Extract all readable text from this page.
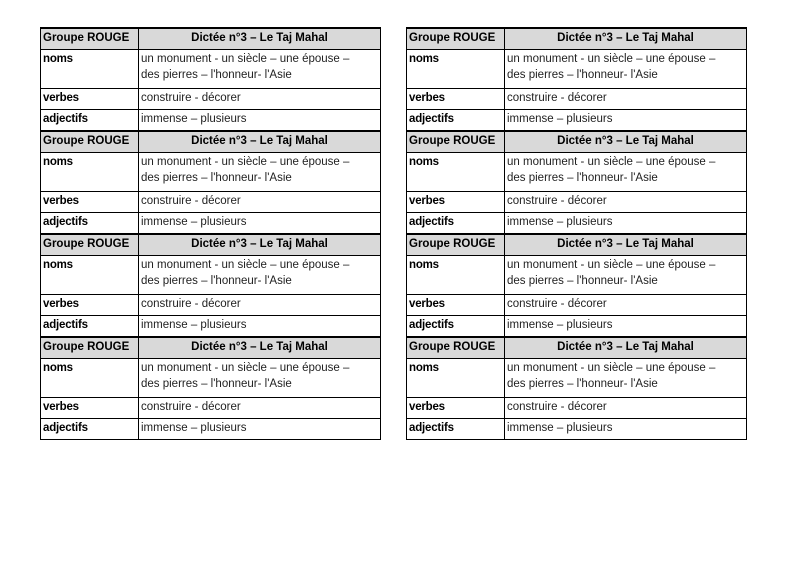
Groupe ROUGE	Dictée n°3 – Le Taj Mahal
noms	un monument - un siècle – une épouse –
des pierres – l'honneur- l'Asie
verbes	construire - décorer
adjectifs	immense – plusieurs
Groupe ROUGE	Dictée n°3 – Le Taj Mahal
noms	un monument - un siècle – une épouse –
des pierres – l'honneur- l'Asie
verbes	construire - décorer
adjectifs	immense – plusieurs
Groupe ROUGE	Dictée n°3 – Le Taj Mahal
noms	un monument - un siècle – une épouse –
des pierres – l'honneur- l'Asie
verbes	construire - décorer
adjectifs	immense – plusieurs
Groupe ROUGE	Dictée n°3 – Le Taj Mahal
noms	un monument - un siècle – une épouse –
des pierres – l'honneur- l'Asie
verbes	construire - décorer
adjectifs	immense – plusieurs
Groupe ROUGE	Dictée n°3 – Le Taj Mahal
noms	un monument - un siècle – une épouse –
des pierres – l'honneur- l'Asie
verbes	construire - décorer
adjectifs	immense – plusieurs
Groupe ROUGE	Dictée n°3 – Le Taj Mahal
noms	un monument - un siècle – une épouse –
des pierres – l'honneur- l'Asie
verbes	construire - décorer
adjectifs	immense – plusieurs
Groupe ROUGE	Dictée n°3 – Le Taj Mahal
noms	un monument - un siècle – une épouse –
des pierres – l'honneur- l'Asie
verbes	construire - décorer
adjectifs	immense – plusieurs
Groupe ROUGE	Dictée n°3 – Le Taj Mahal
noms	un monument - un siècle – une épouse –
des pierres – l'honneur- l'Asie
verbes	construire - décorer
adjectifs	immense – plusieurs
